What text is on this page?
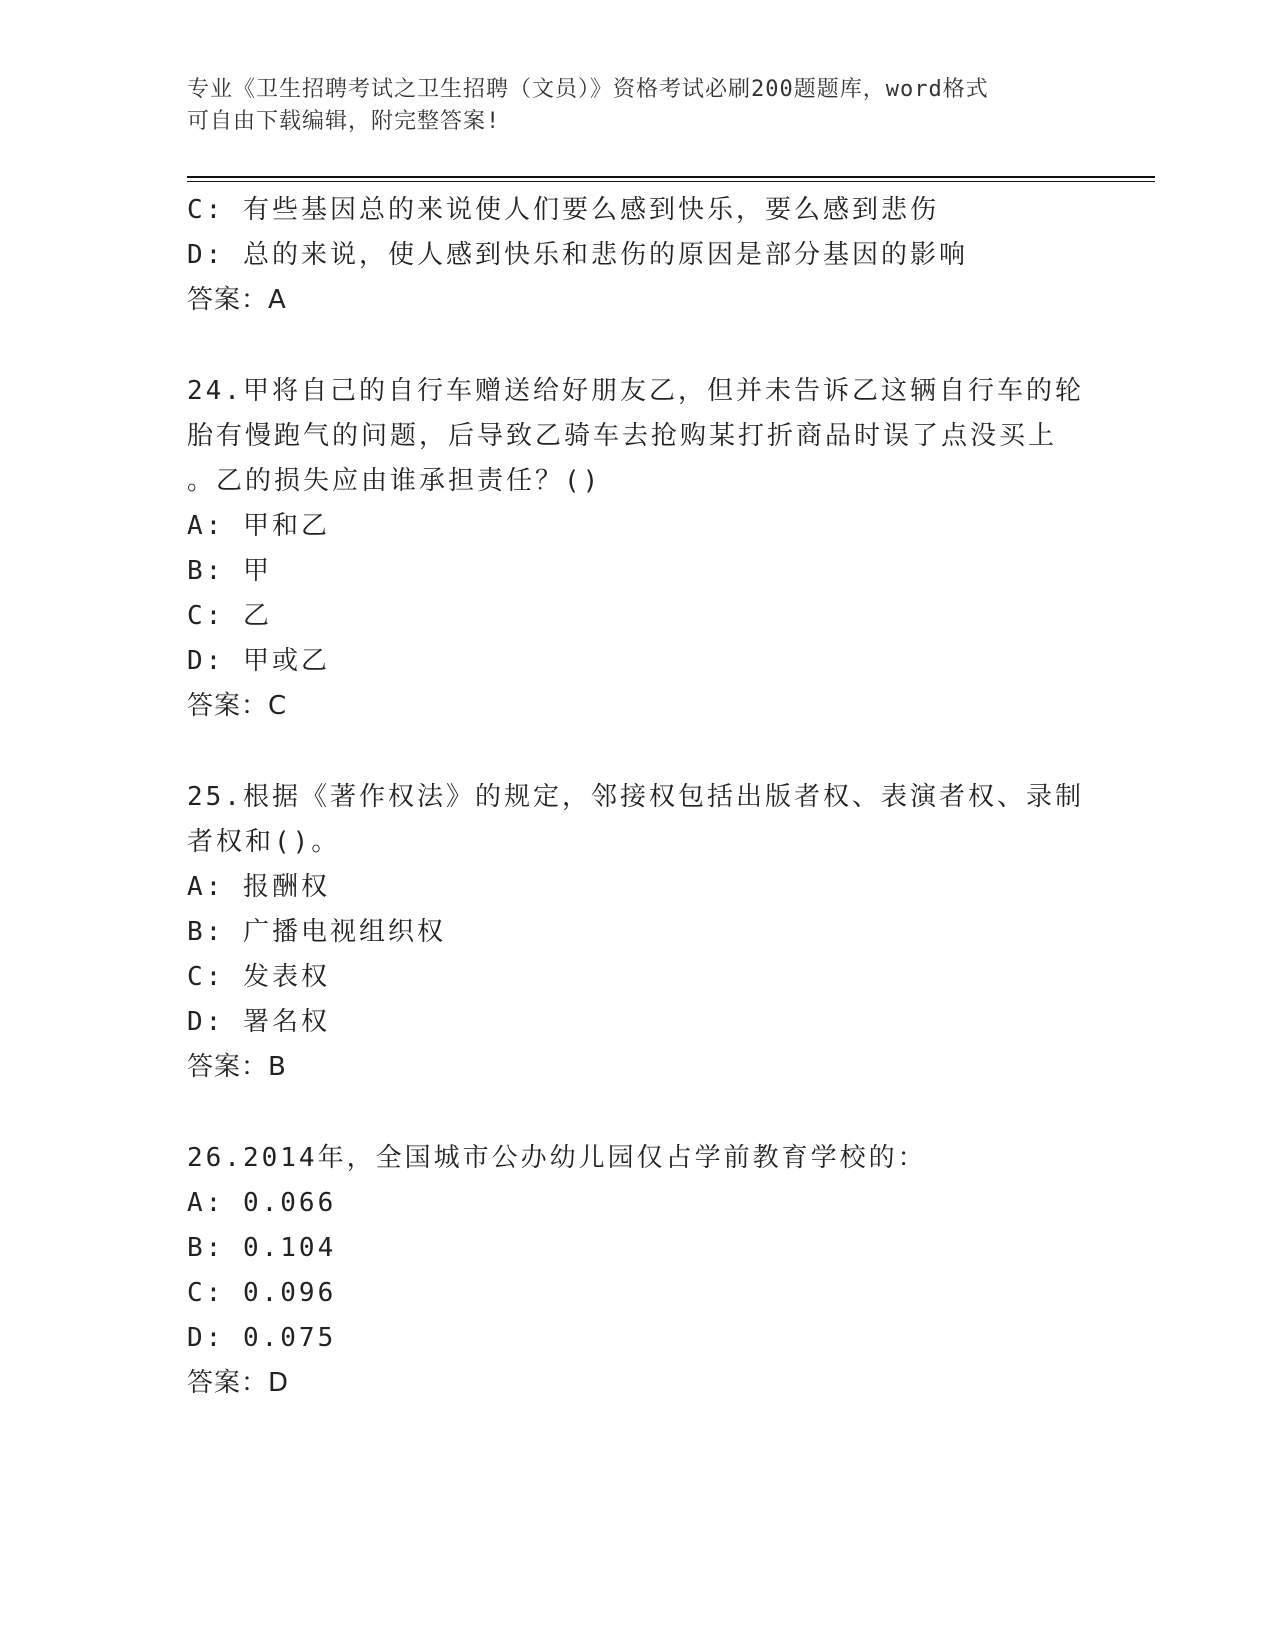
专业《卫生招聘考试之卫生招聘（文员）》资格考试必刷200题题库，word格式
可自由下载编辑，附完整答案!
C: 有些基因总的来说使人们要么感到快乐，要么感到悲伤
D: 总的来说，使人感到快乐和悲伤的原因是部分基因的影响
答案：A
24.甲将自己的自行车赠送给好朋友乙，但并未告诉乙这辆自行车的轮
胎有慢跑气的问题，后导致乙骑车去抢购某打折商品时误了点没买上
。乙的损失应由谁承担责任？()
A: 甲和乙
B: 甲
C: 乙
D: 甲或乙
答案：C
25.根据《著作权法》的规定，邻接权包括出版者权、表演者权、录制
者权和()。
A: 报酬权
B: 广播电视组织权
C: 发表权
D: 署名权
答案：B
26.2014年，全国城市公办幼儿园仅占学前教育学校的：
A: 0.066
B: 0.104
C: 0.096
D: 0.075
答案：D
